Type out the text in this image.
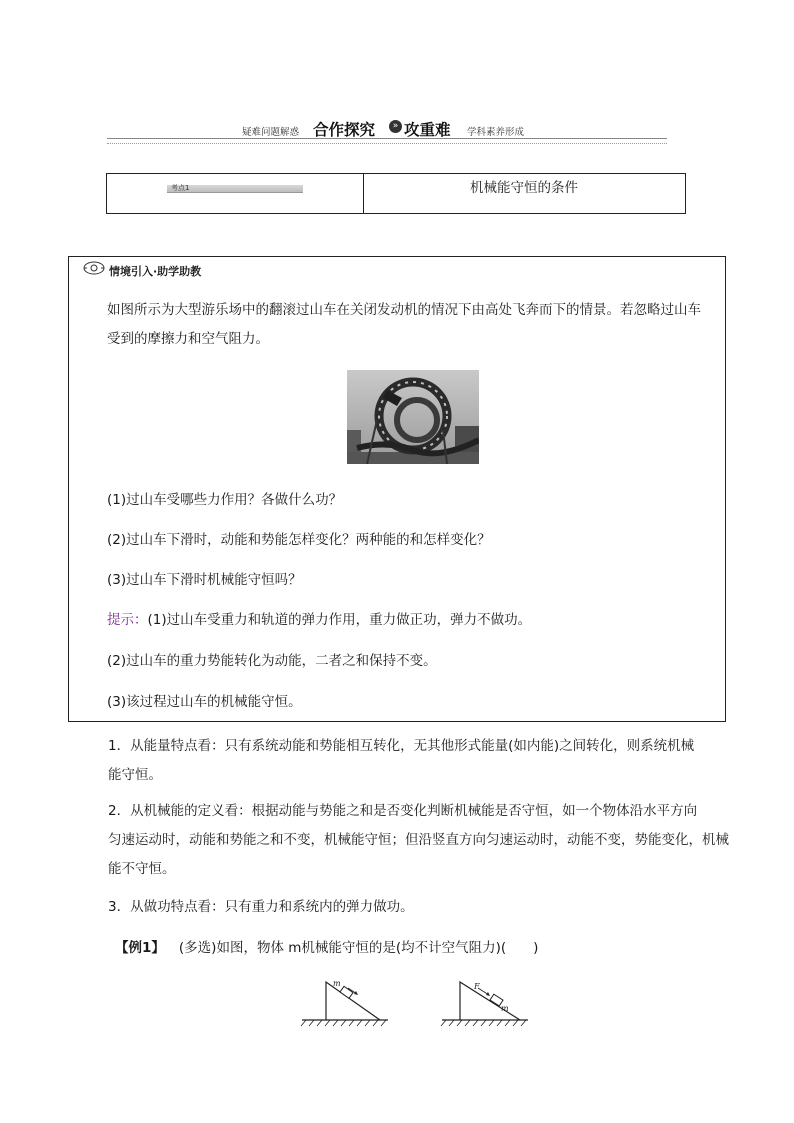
疑难问题解惑 合作探究	» 攻重难 学科素养形成
考点1	机械能守恒的条件
情境引入·助学助教
如图所示为大型游乐场中的翻滚过山车在关闭发动机的情况下由高处飞奔而下的情景。若忽略过山车
受到的摩擦力和空气阻力。
(1)过山车受哪些力作用？各做什么功？
(2)过山车下滑时，动能和势能怎样变化？两种能的和怎样变化？
(3)过山车下滑时机械能守恒吗？
提示：(1)过山车受重力和轨道的弹力作用，重力做正功，弹力不做功。
(2)过山车的重力势能转化为动能，二者之和保持不变。
(3)该过程过山车的机械能守恒。
1．从能量特点看：只有系统动能和势能相互转化，无其他形式能量(如内能)之间转化，则系统机械
能守恒。
2．从机械能的定义看：根据动能与势能之和是否变化判断机械能是否守恒，如一个物体沿水平方向
匀速运动时，动能和势能之和不变，机械能守恒；但沿竖直方向匀速运动时，动能不变，势能变化，机械
能不守恒。
3．从做功特点看：只有重力和系统内的弹力做功。
【例1】 (多选)如图，物体 m机械能守恒的是(均不计空气阻力)(　　)
m	F
m
